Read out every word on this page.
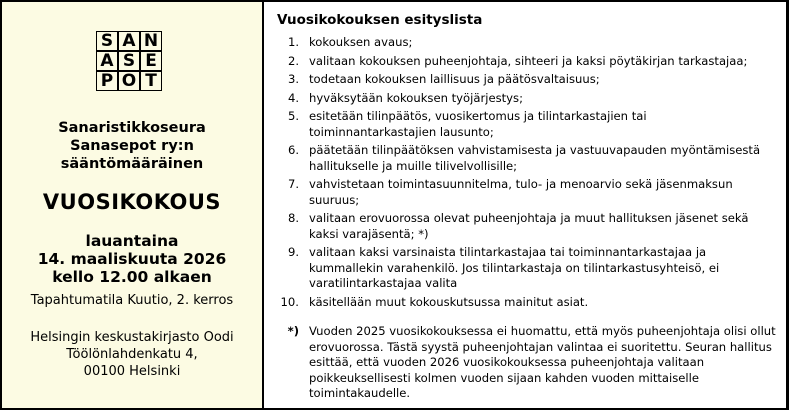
S A N
A S E
P O T
Sanaristikkoseura
Sanasepot ry:n
sääntömääräinen
VUOSIKOKOUS
lauantaina
14. maaliskuuta 2026
kello 12.00 alkaen
Tapahtumatila Kuutio, 2. kerros
Helsingin keskustakirjasto Oodi
Töölönlahdenkatu 4,
00100 Helsinki
Vuosikokouksen esityslista
1. kokouksen avaus;
2. valitaan kokouksen puheenjohtaja, sihteeri ja kaksi pöytäkirjan tarkastajaa;
3. todetaan kokouksen laillisuus ja päätösvaltaisuus;
4. hyväksytään kokouksen työjärjestys;
5. esitetään tilinpäätös, vuosikertomus ja tilintarkastajien tai toiminnantarkastajien lausunto;
6. päätetään tilinpäätöksen vahvistamisesta ja vastuuvapauden myöntämisestä hallitukselle ja muille tilivelvollisille;
7. vahvistetaan toimintasuunnitelma, tulo- ja menoarvio sekä jäsenmaksun suuruus;
8. valitaan erovuorossa olevat puheenjohtaja ja muut hallituksen jäsenet sekä kaksi varajäsentä; *)
9. valitaan kaksi varsinaista tilintarkastajaa tai toiminnantarkastajaa ja kummallekin varahenkilö. Jos tilintarkastaja on tilintarkastusyhteisö, ei varatilintarkastajaa valita
10. käsitellään muut kokouskutsussa mainitut asiat.
*) Vuoden 2025 vuosikokouksessa ei huomattu, että myös puheenjohtaja olisi ollut erovuorossa. Tästä syystä puheenjohtajan valintaa ei suoritettu. Seuran hallitus esittää, että vuoden 2026 vuosikokouksessa puheenjohtaja valitaan poikkeuksellisesti kolmen vuoden sijaan kahden vuoden mittaiselle toimintakaudelle.
